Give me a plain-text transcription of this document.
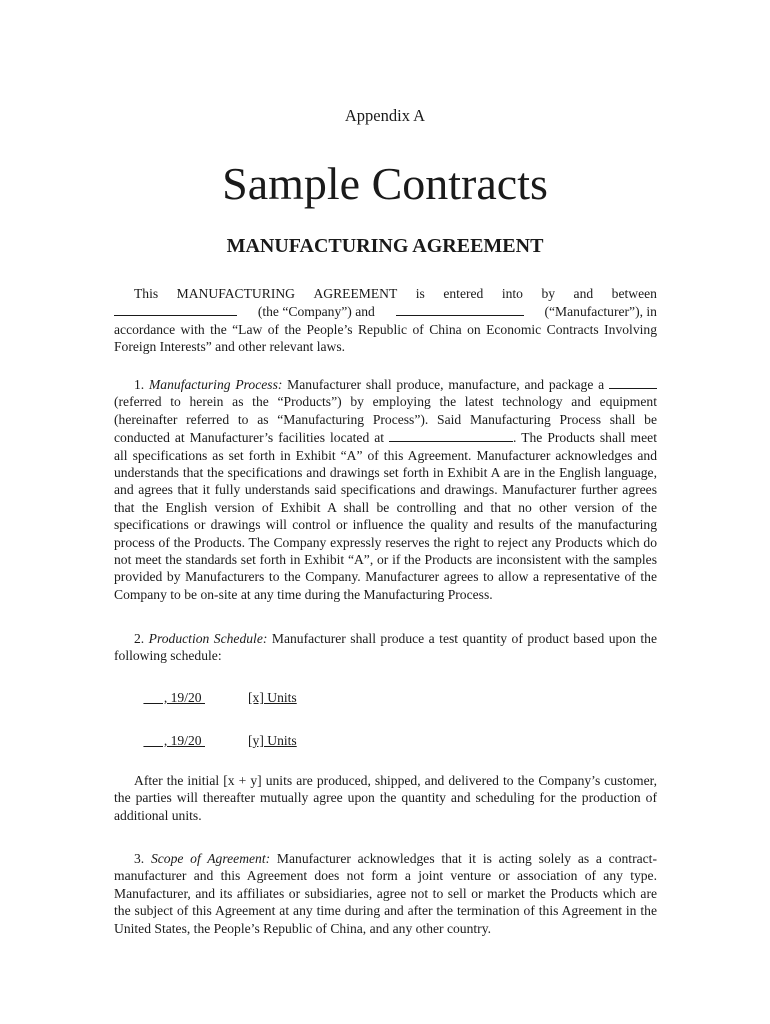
Appendix A
Sample Contracts
MANUFACTURING AGREEMENT
This MANUFACTURING AGREEMENT is entered into by and between
(the “Company”) and	(“Manufacturer”), in
accordance with the “Law of the People’s Republic of China on Economic Contracts Involving Foreign Interests” and other relevant laws.

1. Manufacturing Process: Manufacturer shall produce, manufacture, and package a  (referred to herein as the “Products”) by employing the latest technology and equipment (hereinafter referred to as “Manufacturing Process”). Said Manufacturing Process shall be conducted at Manufacturer’s facilities located at	. The Products shall meet all specifications as set forth in Exhibit “A” of this Agreement. Manufacturer acknowledges and understands that the specifications and drawings set forth in Exhibit A are in the English language, and agrees that it fully understands said specifications and drawings. Manufacturer further agrees that the English version of Exhibit A shall be controlling and that no other version of the specifications or drawings will control or influence the quality and results of the manufacturing process of the Products. The Company expressly reserves the right to reject any Products which do not meet the standards set forth in Exhibit “A”, or if the Products are inconsistent with the samples provided by Manufacturers to the Company. Manufacturer agrees to allow a representative of the Company to be on-site at any time during the Manufacturing Process.

2. Production Schedule: Manufacturer shall produce a test quantity of product based upon the following schedule:

, 19/20	[x] Units
, 19/20	[y] Units

After the initial [x + y] units are produced, shipped, and delivered to the Company’s customer, the parties will thereafter mutually agree upon the quantity and scheduling for the production of additional units.

3. Scope of Agreement: Manufacturer acknowledges that it is acting solely as a contract-manufacturer and this Agreement does not form a joint venture or association of any type. Manufacturer, and its affiliates or subsidiaries, agree not to sell or market the Products which are the subject of this Agreement at any time during and after the termination of this Agreement in the United States, the People’s Republic of China, and any other country.
